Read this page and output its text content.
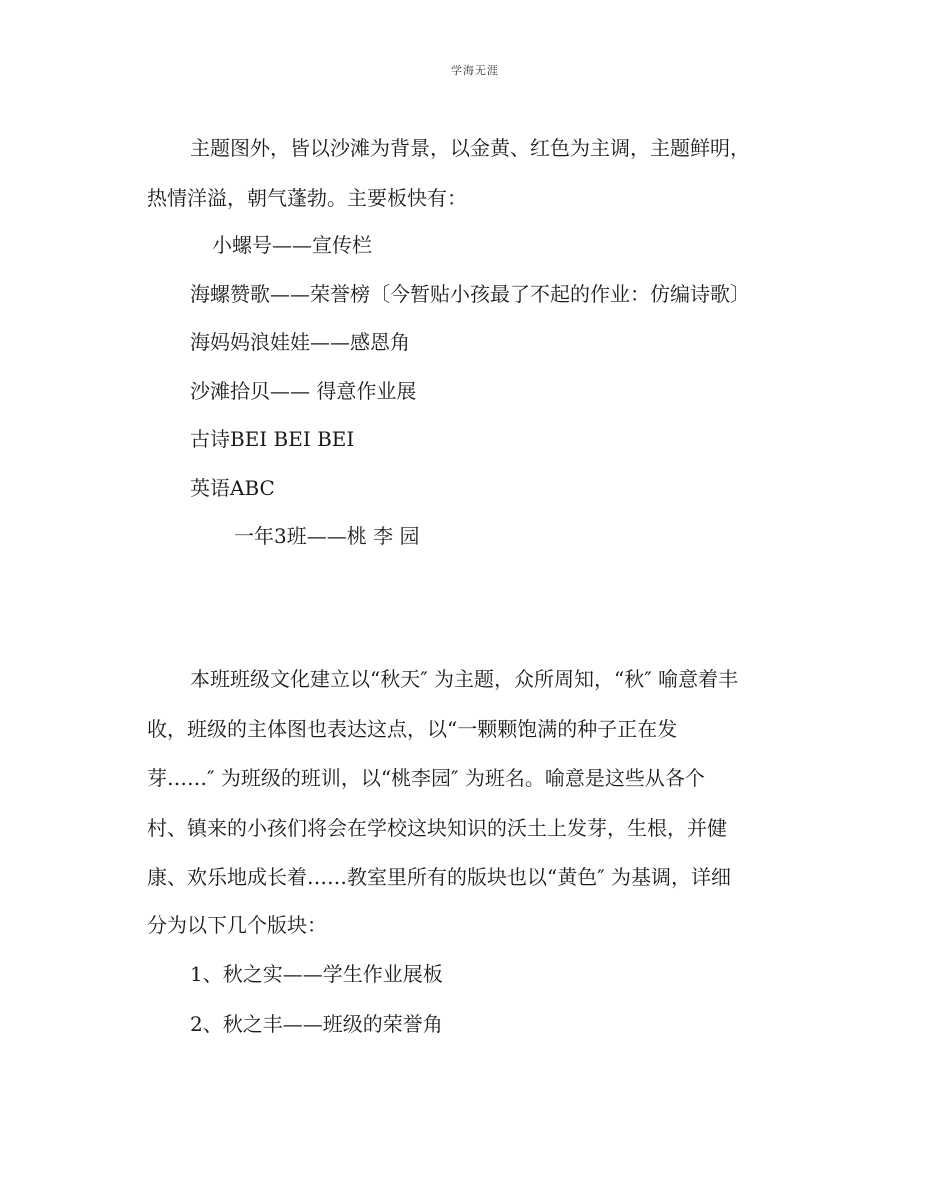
学海无涯
主题图外，皆以沙滩为背景，以金黄、红色为主调，主题鲜明，
热情洋溢，朝气蓬勃。主要板快有：
小螺号——宣传栏
海螺赞歌——荣誉榜〔今暂贴小孩最了不起的作业：仿编诗歌〕
海妈妈浪娃娃——感恩角
沙滩拾贝—— 得意作业展
古诗BEI BEI BEI
英语ABC
一年3班——桃 李 园
本班班级文化建立以“秋天″ 为主题，众所周知，“秋″ 喻意着丰
收，班级的主体图也表达这点，以“一颗颗饱满的种子正在发
芽……″ 为班级的班训，以“桃李园″ 为班名。喻意是这些从各个
村、镇来的小孩们将会在学校这块知识的沃土上发芽，生根，并健
康、欢乐地成长着……教室里所有的版块也以“黄色″ 为基调，详细
分为以下几个版块：
1、秋之实——学生作业展板
2、秋之丰——班级的荣誉角
